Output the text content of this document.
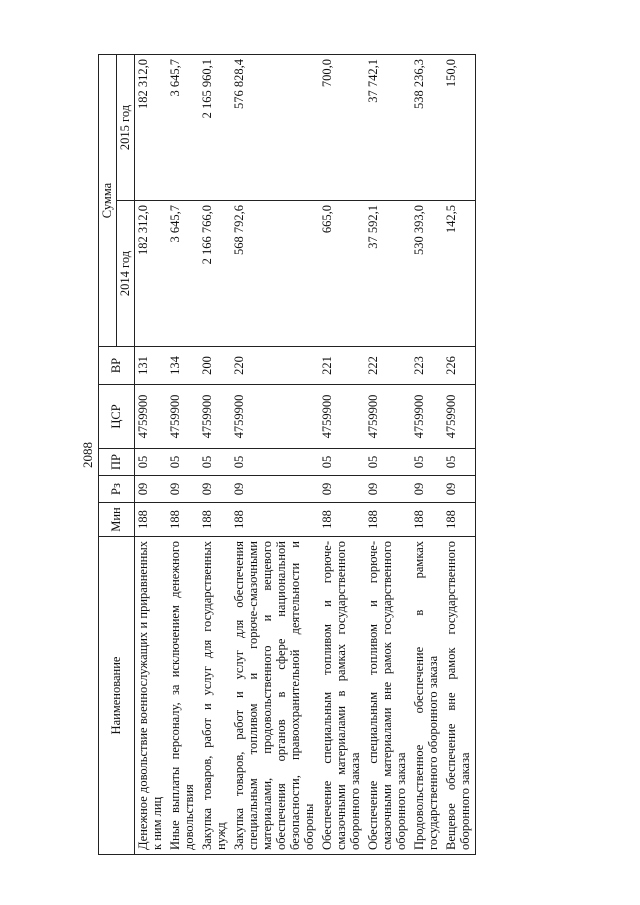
2088
Наименование	Мин	Рз	ПР	ЦСР	ВР	Сумма	
						2014 год	2015 год
Денежное довольствие военнослужащих и приравненных к ним лиц	188	09	05	4759900	131	182 312,0	182 312,0
Иные выплаты персоналу, за исключением денежного довольствия	188	09	05	4759900	134	3 645,7	3 645,7
Закупка товаров, работ и услуг для государственных нужд	188	09	05	4759900	200	2 166 766,0	2 165 960,1
Закупка товаров, работ и услуг для обеспечения специальным топливом и горюче-смазочными материалами, продовольственного и вещевого обеспечения органов в сфере национальной безопасности, правоохранительной деятельности и обороны	188	09	05	4759900	220	568 792,6	576 828,4
Обеспечение специальным топливом и горюче-смазочными материалами в рамках государственного оборонного заказа	188	09	05	4759900	221	665,0	700,0
Обеспечение специальным топливом и горюче-смазочными материалами вне рамок государственного оборонного заказа	188	09	05	4759900	222	37 592,1	37 742,1
Продовольственное обеспечение в рамках государственного оборонного заказа	188	09	05	4759900	223	530 393,0	538 236,3
Вещевое обеспечение вне рамок государственного оборонного заказа	188	09	05	4759900	226	142,5	150,0
